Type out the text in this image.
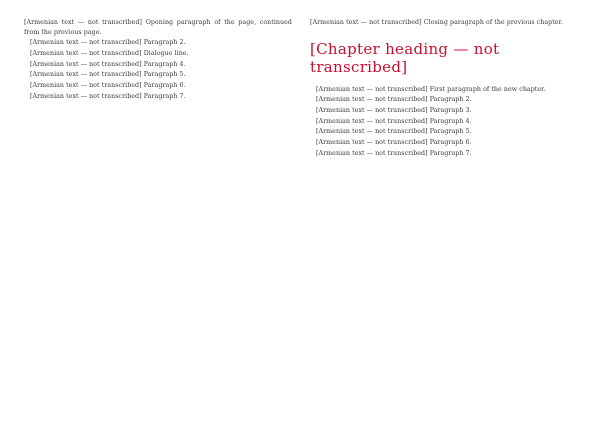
[Armenian text — not transcribed] Opening paragraph of the page, continued from the previous page.

[Armenian text — not transcribed] Paragraph 2.

[Armenian text — not transcribed] Dialogue line.

[Armenian text — not transcribed] Paragraph 4.

[Armenian text — not transcribed] Paragraph 5.

[Armenian text — not transcribed] Paragraph 6.

[Armenian text — not transcribed] Paragraph 7.

[Armenian text — not transcribed] Closing paragraph of the previous chapter.

[Chapter heading — not transcribed]

[Armenian text — not transcribed] First paragraph of the new chapter.

[Armenian text — not transcribed] Paragraph 2.

[Armenian text — not transcribed] Paragraph 3.

[Armenian text — not transcribed] Paragraph 4.

[Armenian text — not transcribed] Paragraph 5.

[Armenian text — not transcribed] Paragraph 6.

[Armenian text — not transcribed] Paragraph 7.
